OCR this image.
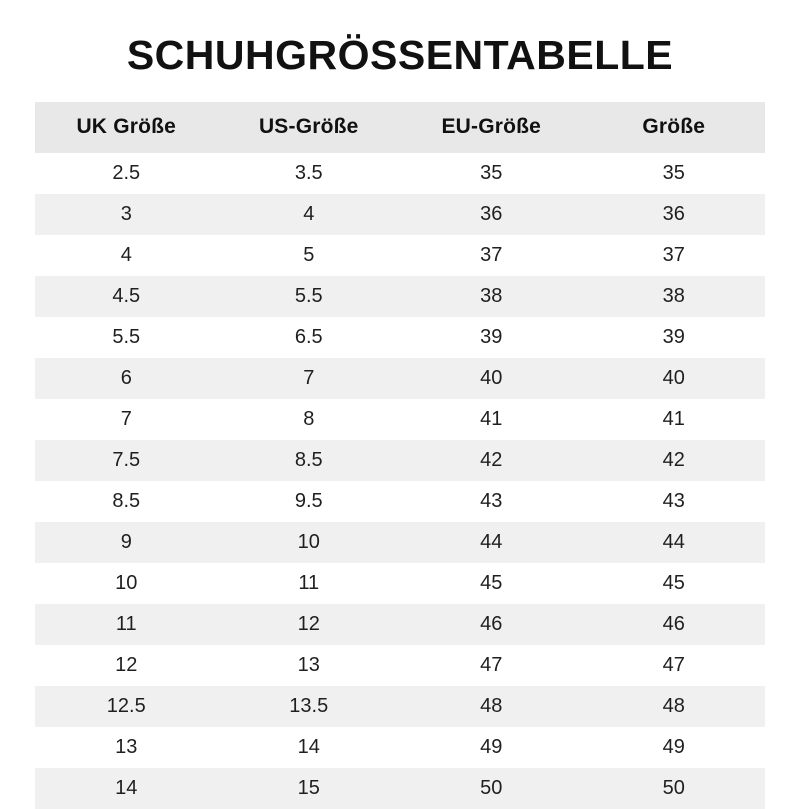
SCHUHGRÖSSENTABELLE
UK Größe	US-Größe	EU-Größe	Größe
2.5	3.5	35	35
3	4	36	36
4	5	37	37
4.5	5.5	38	38
5.5	6.5	39	39
6	7	40	40
7	8	41	41
7.5	8.5	42	42
8.5	9.5	43	43
9	10	44	44
10	11	45	45
11	12	46	46
12	13	47	47
12.5	13.5	48	48
13	14	49	49
14	15	50	50
